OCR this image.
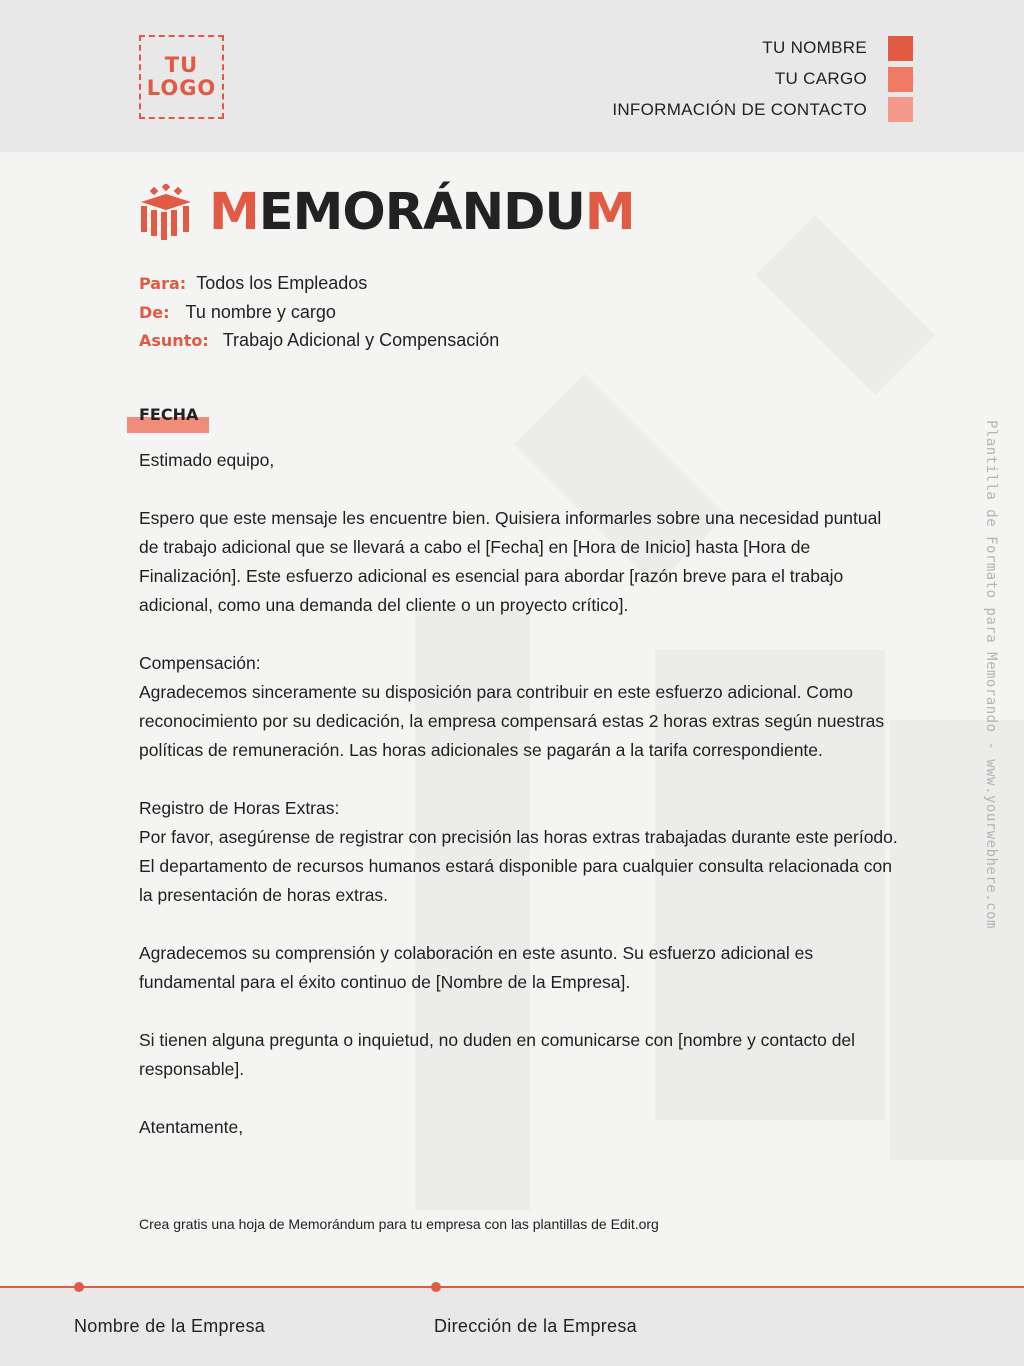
TU
LOGO
TU NOMBRE
TU CARGO
INFORMACIÓN DE CONTACTO
MEMORÁNDUM
Para: Todos los Empleados
De: Tu nombre y cargo
Asunto: Trabajo Adicional y Compensación
FECHA

Estimado equipo,

Espero que este mensaje les encuentre bien. Quisiera informarles sobre una necesidad puntual de trabajo adicional que se llevará a cabo el [Fecha] en [Hora de Inicio] hasta [Hora de Finalización]. Este esfuerzo adicional es esencial para abordar [razón breve para el trabajo adicional, como una demanda del cliente o un proyecto crítico].

Compensación:

Agradecemos sinceramente su disposición para contribuir en este esfuerzo adicional. Como reconocimiento por su dedicación, la empresa compensará estas 2 horas extras según nuestras políticas de remuneración. Las horas adicionales se pagarán a la tarifa correspondiente.

Registro de Horas Extras:

Por favor, asegúrense de registrar con precisión las horas extras trabajadas durante este período. El departamento de recursos humanos estará disponible para cualquier consulta relacionada con la presentación de horas extras.

Agradecemos su comprensión y colaboración en este asunto. Su esfuerzo adicional es fundamental para el éxito continuo de [Nombre de la Empresa].

Si tienen alguna pregunta o inquietud, no duden en comunicarse con [nombre y contacto del responsable].

Atentamente,

Crea gratis una hoja de Memorándum para tu empresa con las plantillas de Edit.org
Plantilla de Formato para Memorando - www.yourwebhere.com
Nombre de la Empresa	Dirección de la Empresa
